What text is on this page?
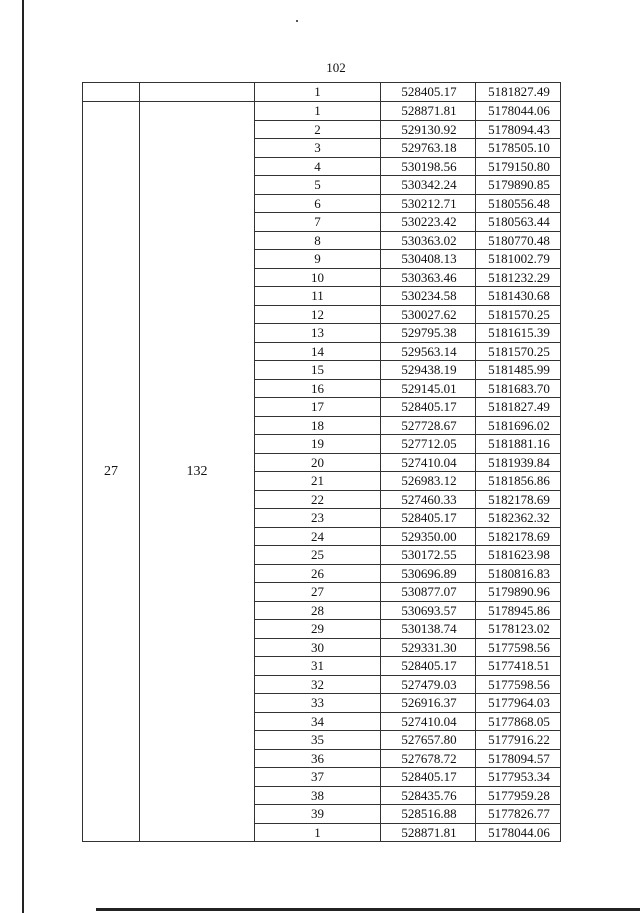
102
		1	528405.17	5181827.49
27	132	1	528871.81	5178044.06
		2	529130.92	5178094.43
		3	529763.18	5178505.10
		4	530198.56	5179150.80
		5	530342.24	5179890.85
		6	530212.71	5180556.48
		7	530223.42	5180563.44
		8	530363.02	5180770.48
		9	530408.13	5181002.79
		10	530363.46	5181232.29
		11	530234.58	5181430.68
		12	530027.62	5181570.25
		13	529795.38	5181615.39
		14	529563.14	5181570.25
		15	529438.19	5181485.99
		16	529145.01	5181683.70
		17	528405.17	5181827.49
		18	527728.67	5181696.02
		19	527712.05	5181881.16
		20	527410.04	5181939.84
		21	526983.12	5181856.86
		22	527460.33	5182178.69
		23	528405.17	5182362.32
		24	529350.00	5182178.69
		25	530172.55	5181623.98
		26	530696.89	5180816.83
		27	530877.07	5179890.96
		28	530693.57	5178945.86
		29	530138.74	5178123.02
		30	529331.30	5177598.56
		31	528405.17	5177418.51
		32	527479.03	5177598.56
		33	526916.37	5177964.03
		34	527410.04	5177868.05
		35	527657.80	5177916.22
		36	527678.72	5178094.57
		37	528405.17	5177953.34
		38	528435.76	5177959.28
		39	528516.88	5177826.77
		1	528871.81	5178044.06
